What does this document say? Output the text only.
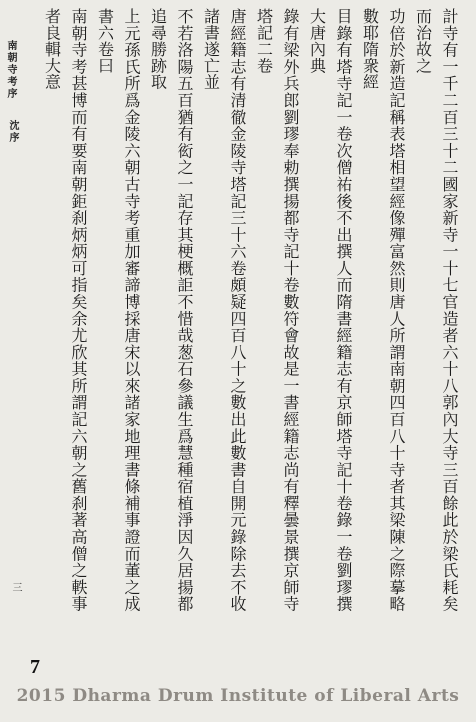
南朝寺考序
沈序
三
7
計寺有一千二百三十二國家新寺一十七官造者六十八郭內大寺三百餘此於梁氏耗矣而治故之
功倍於新造記稱表塔相望經像殫富然則唐人所謂南朝四百八十寺者其梁陳之際摹略數耶隋衆經
目錄有塔寺記一卷次僧祐後不出撰人而隋書經籍志有京師塔寺記十卷錄一卷劉璆撰大唐內典
錄有梁外兵郎劉璆奉勅撰揚都寺記十卷數符會故是一書經籍志尚有釋曇景撰京師寺塔記二卷
唐經籍志有清徹金陵寺塔記三十六卷頗疑四百八十之數出此數書自開元錄除去不收諸書遂亡並
不若洛陽五百猶有衒之一記存其梗概詎不惜哉葱石參議生爲慧種宿植淨因久居揚都追尋勝跡取
上元孫氏所爲金陵六朝古寺考重加審諦博採唐宋以來諸家地理書條補事證而董之成書六卷曰
南朝寺考甚博而有要南朝鉅刹炳炳可指矣余尤欣其所謂記六朝之舊刹著高僧之軼事者良輯大意
2015 Dharma Drum Institute of Liberal Arts
